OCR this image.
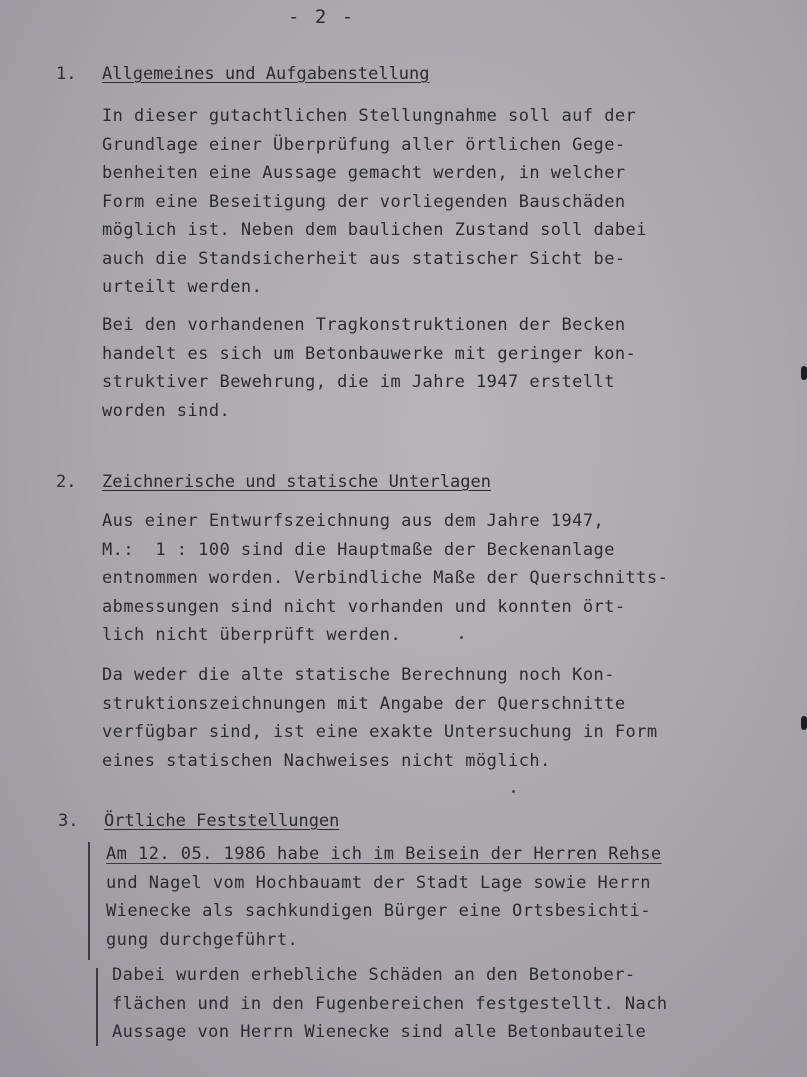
- 2 -
1. Allgemeines und Aufgabenstellung
In dieser gutachtlichen Stellungnahme soll auf der
Grundlage einer Überprüfung aller örtlichen Gege-
benheiten eine Aussage gemacht werden, in welcher
Form eine Beseitigung der vorliegenden Bauschäden
möglich ist. Neben dem baulichen Zustand soll dabei
auch die Standsicherheit aus statischer Sicht be-
urteilt werden.
Bei den vorhandenen Tragkonstruktionen der Becken
handelt es sich um Betonbauwerke mit geringer kon-
struktiver Bewehrung, die im Jahre 1947 erstellt
worden sind.
2. Zeichnerische und statische Unterlagen
Aus einer Entwurfszeichnung aus dem Jahre 1947,
M.:  1 : 100 sind die Hauptmaße der Beckenanlage
entnommen worden. Verbindliche Maße der Querschnitts-
abmessungen sind nicht vorhanden und konnten ört-
lich nicht überprüft werden.
Da weder die alte statische Berechnung noch Kon-
struktionszeichnungen mit Angabe der Querschnitte
verfügbar sind, ist eine exakte Untersuchung in Form
eines statischen Nachweises nicht möglich.
3. Örtliche Feststellungen
Am 12. 05. 1986 habe ich im Beisein der Herren Rehse
und Nagel vom Hochbauamt der Stadt Lage sowie Herrn
Wienecke als sachkundigen Bürger eine Ortsbesichti-
gung durchgeführt.
Dabei wurden erhebliche Schäden an den Betonober-
flächen und in den Fugenbereichen festgestellt. Nach
Aussage von Herrn Wienecke sind alle Betonbauteile
